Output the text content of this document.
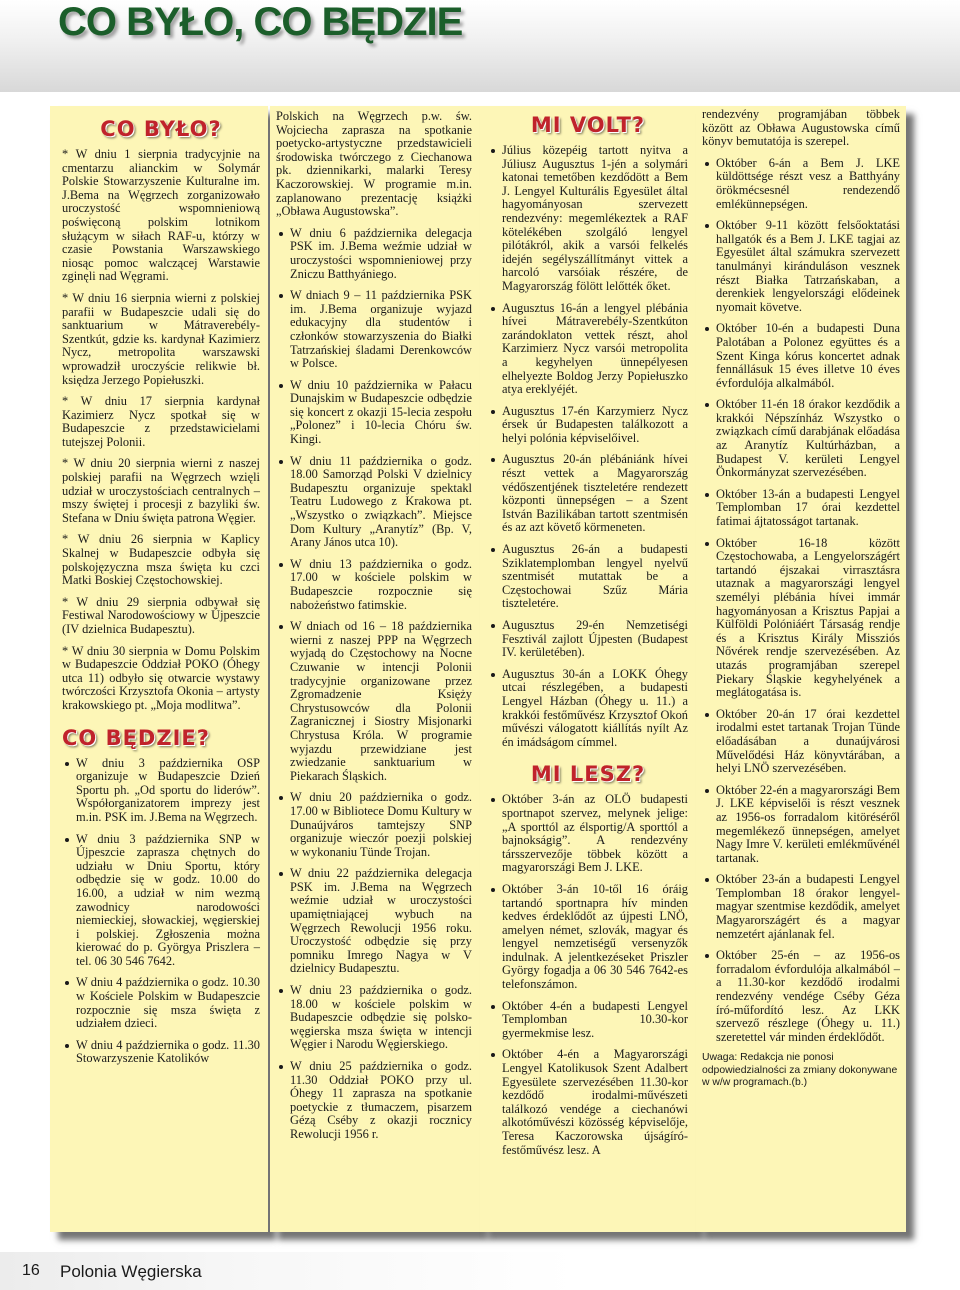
CO BYŁO, CO BĘDZIE
CO BYŁO?
* W dniu 1 sierpnia tradycyjnie na cmentarzu alianckim w Solymár Polskie Stowarzyszenie Kulturalne im. J.Bema na Węgrzech zorganizowało uroczystość wspomnieniową poświęconą polskim lotnikom służącym w siłach RAF-u, którzy w czasie Powstania Warszawskiego niosąc pomoc walczącej Warstawie zginęli nad Węgrami.
* W dniu 16 sierpnia wierni z polskiej parafii w Budapeszcie udali się do sanktuarium w Mátraverebély-Szentkút, gdzie ks. kardynał Kazimierz Nycz, metropolita warszawski wprowadził uroczyście relikwie bł. księdza Jerzego Popiełuszki.
* W dniu 17 sierpnia kardynał Kazimierz Nycz spotkał się w Budapeszcie z przedstawicielami tutejszej Polonii.
* W dniu 20 sierpnia wierni z naszej polskiej parafii na Węgrzech wzięli udział w uroczystościach centralnych – mszy świętej i procesji z bazyliki św. Stefana w Dniu święta patrona Węgier.
* W dniu 26 sierpnia w Kaplicy Skalnej w Budapeszcie odbyła się polskojęzyczna msza święta ku czci Matki Boskiej Częstochowskiej.
* W dniu 29 sierpnia odbywał się Festiwal Narodowościowy w Újpeszcie (IV dzielnica Budapesztu).
* W dniu 30 sierpnia w Domu Polskim w Budapeszcie Oddział POKO (Óhegy utca 11) odbyło się otwarcie wystawy twórczości Krzysztofa Okonia – artysty krakowskiego pt. „Moja modlitwa”.
CO BĘDZIE?
W dniu 3 października OSP organizuje w Budapeszcie Dzień Sportu ph. „Od sportu do liderów”. Współorganizatorem imprezy jest m.in. PSK im. J.Bema na Węgrzech.
W dniu 3 października SNP w Újpeszcie zaprasza chętnych do udziału w Dniu Sportu, który odbędzie się w godz. 10.00 do 16.00, a udział w nim wezmą zawodnicy narodowości niemieckiej, słowackiej, węgierskiej i polskiej. Zgłoszenia można kierować do p. Györgya Priszlera – tel. 06 30 546 7642.
W dniu 4 października o godz. 10.30 w Kościele Polskim w Budapeszcie rozpocznie się msza święta z udziałem dzieci.
W dniu 4 października o godz. 11.30 Stowarzyszenie Katolików
Polskich na Węgrzech p.w. św. Wojciecha zaprasza na spotkanie poetycko-artystyczne przedstawicieli środowiska twórczego z Ciechanowa pk. dziennikarki, malarki Teresy Kaczorowskiej. W programie m.in. zaplanowano prezentację książki „Obława Augustowska”.
W dniu 6 października delegacja PSK im. J.Bema weźmie udział w uroczystości wspomnieniowej przy Zniczu Batthyániego.
W dniach 9 – 11 października PSK im. J.Bema organizuje wyjazd edukacyjny dla studentów i członków stowarzyszenia do Białki Tatrzańskiej śladami Derenkowców w Polsce.
W dniu 10 października w Pałacu Dunajskim w Budapeszcie odbędzie się koncert z okazji 15-lecia zespołu „Polonez” i 10-lecia Chóru św. Kingi.
W dniu 11 października o godz. 18.00 Samorząd Polski V dzielnicy Budapesztu organizuje spektakl Teatru Ludowego z Krakowa pt. „Wszystko o związkach”. Miejsce Dom Kultury „Aranytíz” (Bp. V, Arany János utca 10).
W dniu 13 października o godz. 17.00 w kościele polskim w Budapeszcie rozpocznie się nabożeństwo fatimskie.
W dniach od 16 – 18 października wierni z naszej PPP na Węgrzech wyjadą do Częstochowy na Nocne Czuwanie w intencji Polonii tradycyjnie organizowane przez Zgromadzenie Księży Chrystusowców dla Polonii Zagranicznej i Siostry Misjonarki Chrystusa Króla. W programie wyjazdu przewidziane jest zwiedzanie sanktuarium w Piekarach Śląskich.
W dniu 20 października o godz. 17.00 w Bibliotece Domu Kultury w Dunaújváros tamtejszy SNP organizuje wieczór poezji polskiej w wykonaniu Tünde Trojan.
W dniu 22 października delegacja PSK im. J.Bema na Węgrzech weźmie udział w uroczystości upamiętniającej wybuch na Węgrzech Rewolucji 1956 roku. Uroczystość odbędzie się przy pomniku Imrego Nagya w V dzielnicy Budapesztu.
W dniu 23 października o godz. 18.00 w kościele polskim w Budapeszcie odbędzie się polsko-węgierska msza święta w intencji Węgier i Narodu Węgierskiego.
W dniu 25 października o godz. 11.30 Oddział POKO przy ul. Óhegy 11 zaprasza na spotkanie poetyckie z tłumaczem, pisarzem Gézą Cséby z okazji rocznicy Rewolucji 1956 r.
MI VOLT?
Július közepéig tartott nyitva a Júliusz Augusztus 1-jén a solymári katonai temetőben kezdődött a Bem J. Lengyel Kulturális Egyesület által hagyományosan szervezett rendezvény: megemlékeztek a RAF kötelékében szolgáló lengyel pilótákról, akik a varsói felkelés idején segélyszállítmányt vittek a harcoló varsóiak részére, de Magyarország fölött lelőtték őket.
Augusztus 16-án a lengyel plébánia hívei Mátraverebély-Szentkúton zarándoklaton vettek részt, ahol Karzimierz Nycz varsói metropolita a kegyhelyen ünnepélyesen elhelyezte Boldog Jerzy Popiełuszko atya ereklyéjét.
Augusztus 17-én Karzymierz Nycz érsek úr Budapesten találkozott a helyi polónia képviselőivel.
Augusztus 20-án plébániánk hívei részt vettek a Magyarország védőszentjének tiszteletére rendezett központi ünnepségen – a Szent István Bazilikában tartott szentmisén és az azt követő körmeneten.
Augusztus 26-án a budapesti Sziklatemplomban lengyel nyelvű szentmisét mutattak be a Częstochowai Szűz Mária tiszteletére.
Augusztus 29-én Nemzetiségi Fesztivál zajlott Újpesten (Budapest IV. kerületében).
Augusztus 30-án a LOKK Óhegy utcai részlegében, a budapesti Lengyel Házban (Óhegy u. 11.) a krakkói festőművész Krzysztof Okoń művészi válogatott kiállítás nyílt Az én imádságom címmel.
MI LESZ?
Október 3-án az OLÖ budapesti sportnapot szervez, melynek jelige: „A sporttól az élsportig/A sporttól a bajnokságig”. A rendezvény társszervezője többek között a magyarországi Bem J. LKE.
Október 3-án 10-től 16 óráig tartandó sportnapra hív minden kedves érdeklődőt az újpesti LNÖ, amelyen német, szlovák, magyar és lengyel nemzetiségű versenyzők indulnak. A jelentkezéseket Priszler György fogadja a 06 30 546 7642-es telefonszámon.
Október 4-én a budapesti Lengyel Templomban 10.30-kor gyermekmise lesz.
Október 4-én a Magyarországi Lengyel Katolikusok Szent Adalbert Egyesülete szervezésében 11.30-kor kezdődő irodalmi-művészeti találkozó vendége a ciechanówi alkotóművészi közösség képviselője, Teresa Kaczorowska újságíró-festőművész lesz. A
rendezvény programjában többek között az Obława Augustowska című könyv bemutatója is szerepel.
Október 6-án a Bem J. LKE küldöttsége részt vesz a Batthyány örökmécsesnél rendezendő emlékünnepségen.
Október 9-11 között felsőoktatási hallgatók és a Bem J. LKE tagjai az Egyesület által számukra szervezett tanulmányi kiránduláson vesznek részt Białka Tatrzańskaban, a derenkiek lengyelországi elődeinek nyomait követve.
Október 10-én a budapesti Duna Palotában a Polonez együttes és a Szent Kinga kórus koncertet adnak fennállásuk 15 éves illetve 10 éves évfordulója alkalmából.
Október 11-én 18 órakor kezdődik a krakkói Népszínház Wszystko o związkach című darabjának előadása az Aranytíz Kultúrházban, a Budapest V. kerületi Lengyel Önkormányzat szervezésében.
Október 13-án a budapesti Lengyel Templomban 17 órai kezdettel fatimai ájtatosságot tartanak.
Október 16-18 között Częstochowaba, a Lengyelországért tartandó éjszakai virrasztásra utaznak a magyarországi lengyel személyi plébánia hívei immár hagyományosan a Krisztus Papjai a Külföldi Polóniáért Társaság rendje és a Krisztus Király Missziós Nővérek rendje szervezésében. Az utazás programjában szerepel Piekary Śląskie kegyhelyének a meglátogatása is.
Október 20-án 17 órai kezdettel irodalmi estet tartanak Trojan Tünde előadásában a dunaújvárosi Művelődési Ház könyvtárában, a helyi LNÖ szervezésében.
Október 22-én a magyarországi Bem J. LKE képviselői is részt vesznek az 1956-os forradalom kitöréséről megemlékező ünnepségen, amelyet Nagy Imre V. kerületi emlékművénél tartanak.
Október 23-án a budapesti Lengyel Templomban 18 órakor lengyel-magyar szentmise kezdődik, amelyet Magyarországért és a magyar nemzetért ajánlanak fel.
Október 25-én – az 1956-os forradalom évfordulója alkalmából – a 11.30-kor kezdődő irodalmi rendezvény vendége Cséby Géza író-műfordító lesz. Az LKK szervező részlege (Óhegy u. 11.) szeretettel vár minden érdeklődőt.
Uwaga: Redakcja nie ponosi odpowiedzialności za zmiany dokonywane w w/w programach.(b.)
16 Polonia Węgierska
